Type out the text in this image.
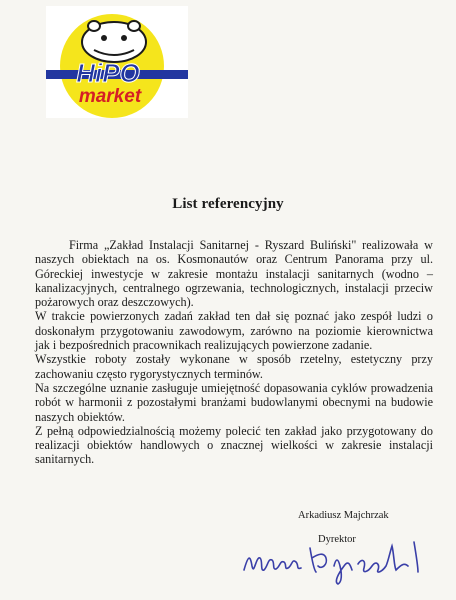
HiPO
market
List referencyjny

Firma „Zakład Instalacji Sanitarnej - Ryszard Buliński" realizowała w naszych obiektach na os. Kosmonautów oraz Centrum Panorama przy ul. Góreckiej inwestycje w zakresie montażu instalacji sanitarnych (wodno – kanalizacyjnych, centralnego ogrzewania, technologicznych, instalacji przeciw pożarowych oraz deszczowych).

W trakcie powierzonych zadań zakład ten dał się poznać jako zespół ludzi o doskonałym przygotowaniu zawodowym, zarówno na poziomie kierownictwa jak i bezpośrednich pracownikach realizujących powierzone zadanie.

Wszystkie roboty zostały wykonane w sposób rzetelny, estetyczny przy zachowaniu często rygorystycznych terminów.

Na szczególne uznanie zasługuje umiejętność dopasowania cyklów prowadzenia robót w harmonii z pozostałymi branżami budowlanymi obecnymi na budowie naszych obiektów.

Z pełną odpowiedzialnością możemy polecić ten zakład jako przygotowany do realizacji obiektów handlowych o znacznej wielkości w zakresie instalacji sanitarnych.

Arkadiusz Majchrzak
Dyrektor
